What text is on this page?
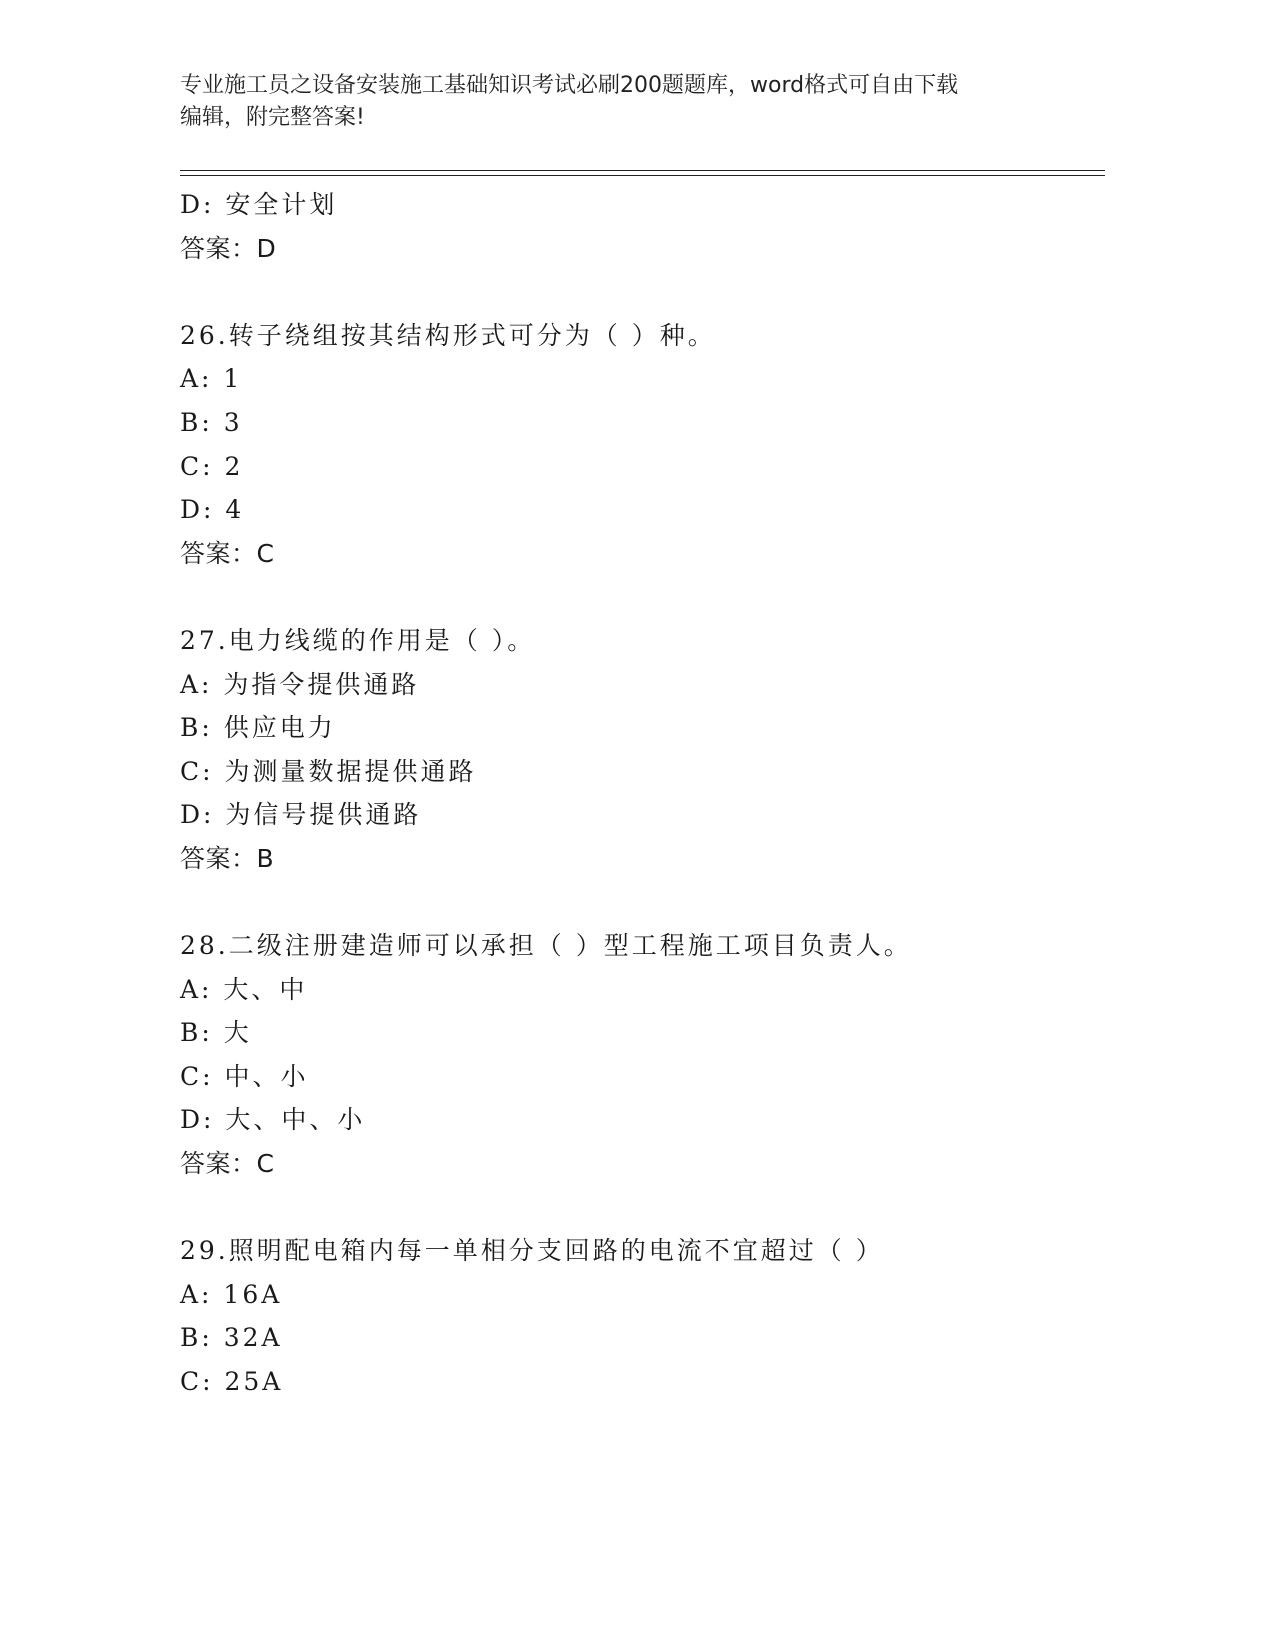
专业施工员之设备安装施工基础知识考试必刷200题题库，word格式可自由下载
编辑，附完整答案!
D: 安全计划
答案：D
26.转子绕组按其结构形式可分为（ ）种。
A: 1
B: 3
C: 2
D: 4
答案：C
27.电力线缆的作用是（ ）。
A: 为指令提供通路
B: 供应电力
C: 为测量数据提供通路
D: 为信号提供通路
答案：B
28.二级注册建造师可以承担（ ）型工程施工项目负责人。
A: 大、中
B: 大
C: 中、小
D: 大、中、小
答案：C
29.照明配电箱内每一单相分支回路的电流不宜超过（ ）
A: 16A
B: 32A
C: 25A
